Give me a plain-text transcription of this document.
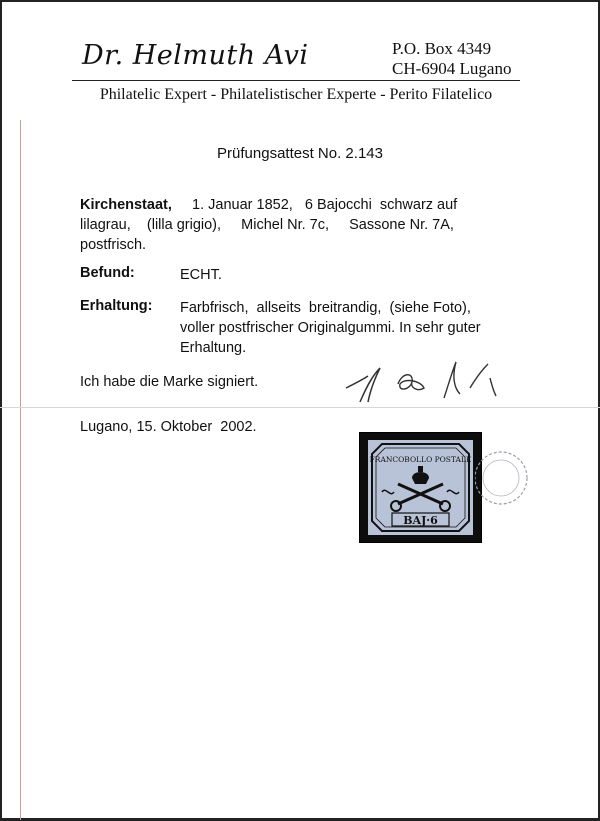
Dr. Helmuth Avi	P.O. Box 4349
CH-6904 Lugano
Philatelic Expert - Philatelistischer Experte - Perito Filatelico
Prüfungsattest No. 2.143
Kirchenstaat, 1. Januar 1852,   6 Bajocchi  schwarz auf
lilagrau,    (lilla grigio),     Michel Nr. 7c,     Sassone Nr. 7A,
postfrisch.
Befund:	ECHT.
Erhaltung: Farbfrisch,  allseits  breitrandig,  (siehe Foto),
voller postfrischer Originalgummi. In sehr guter
Erhaltung.
Ich habe die Marke signiert.
Lugano, 15. Oktober  2002.
FRANCOBOLLO POSTALE
BAJ·6
